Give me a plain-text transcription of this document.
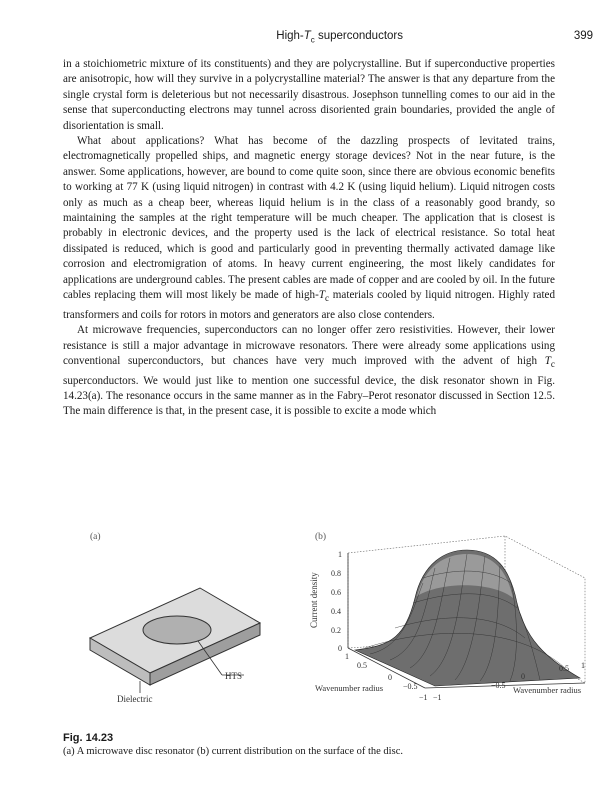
High-$T_c$ superconductors	399

in a stoichiometric mixture of its constituents) and they are polycrystalline. But if superconductive properties are anisotropic, how will they survive in a polycrystalline material? The answer is that any departure from the single crystal form is deleterious but not necessarily disastrous. Josephson tunnelling comes to our aid in the sense that superconducting electrons may tunnel across disoriented grain boundaries, provided the angle of disorientation is small.

What about applications? What has become of the dazzling prospects of levitated trains, electromagnetically propelled ships, and magnetic energy storage devices? Not in the near future, is the answer. Some applications, however, are bound to come quite soon, since there are obvious economic benefits to working at 77 K (using liquid nitrogen) in contrast with 4.2 K (using liquid helium). Liquid nitrogen costs only as much as a cheap beer, whereas liquid helium is in the class of a reasonably good brandy, so maintaining the samples at the right temperature will be much cheaper. The application that is closest is probably in electronic devices, and the property used is the lack of electrical resistance. So total heat dissipated is reduced, which is good and particularly good in preventing thermally activated damage like corrosion and electromigration of atoms. In heavy current engineering, the most likely candidates for applications are underground cables. The present cables are made of copper and are cooled by oil. In the future cables replacing them will most likely be made of high-$T_c$ materials cooled by liquid nitrogen. Highly rated transformers and coils for rotors in motors and generators are also close contenders.

At microwave frequencies, superconductors can no longer offer zero resistivities. However, their lower resistance is still a major advantage in microwave resonators. There were already some applications using conventional superconductors, but chances have very much improved with the advent of high $T_c$ superconductors. We would just like to mention one successful device, the disk resonator shown in Fig. 14.23(a). The resonance occurs in the same manner as in the Fabry–Perot resonator discussed in Section 12.5. The main difference is that, in the present case, it is possible to excite a mode which

(a)	(b)
HTS
Dielectric
1
0.8
0.6
0.4
0.2
0
Current density
1
0.5
0
−0.5
−1
Wavenumber radius
1
0.5
0
−0.5
−1
Wavenumber radius
Fig. 14.23
(a) A microwave disc resonator (b) current distribution on the surface of the disc.
